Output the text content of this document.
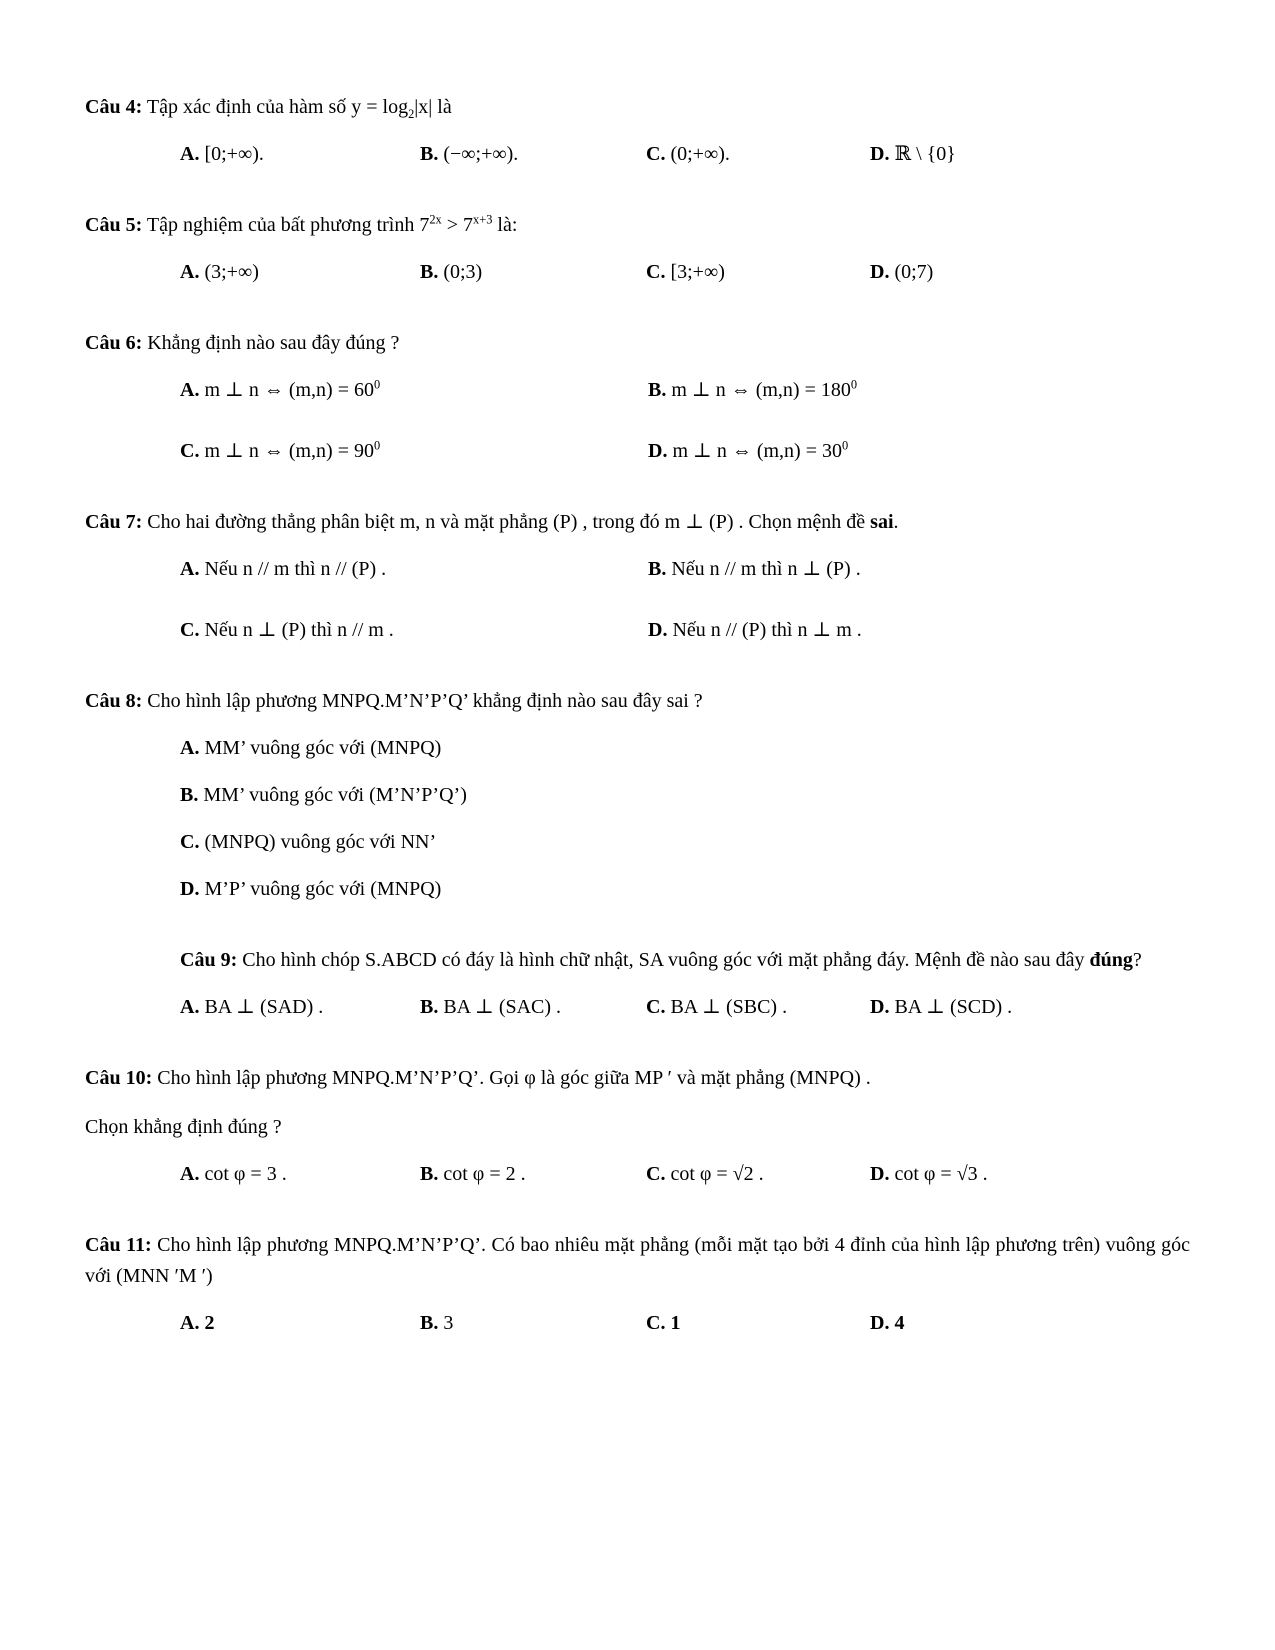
Câu 4: Tập xác định của hàm số $y = \log_2|x|$ là

A. [0;+∞).	B. (−∞;+∞).	C. (0;+∞).	D. ℝ \ {0}

Câu 5: Tập nghiệm của bất phương trình $7^{2x} > 7^{x+3}$ là:

A. (3;+∞)	B. (0;3)	C. [3;+∞)	D. (0;7)

Câu 6: Khẳng định nào sau đây đúng ?

A. m ⊥ n ⇔ $(m,n) = 60^0$	B. m ⊥ n ⇔ $(m,n) = 180^0$
C. m ⊥ n ⇔ $(m,n) = 90^0$	D. m ⊥ n ⇔ $(m,n) = 30^0$

Câu 7: Cho hai đường thẳng phân biệt m, n và mặt phẳng (P) , trong đó m ⊥ (P) . Chọn mệnh đề sai.

A. Nếu n // m thì n // (P) .	B. Nếu n // m thì n ⊥ (P) .
C. Nếu n ⊥ (P) thì n // m .	D. Nếu n // (P) thì n ⊥ m .

Câu 8: Cho hình lập phương MNPQ.M’N’P’Q’ khẳng định nào sau đây sai ?

A. MM’ vuông góc với (MNPQ)
B. MM’ vuông góc với (M’N’P’Q’)
C. (MNPQ) vuông góc với NN’
D. M’P’ vuông góc với (MNPQ)

Câu 9: Cho hình chóp S.ABCD có đáy là hình chữ nhật, SA vuông góc với mặt phẳng đáy. Mệnh đề nào sau đây đúng?

A. BA ⊥ (SAD) .	B. BA ⊥ (SAC) .	C. BA ⊥ (SBC) .	D. BA ⊥ (SCD) .

Câu 10: Cho hình lập phương MNPQ.M’N’P’Q’. Gọi φ là góc giữa MP ′ và mặt phẳng (MNPQ) .

Chọn khẳng định đúng ?

A. cot φ = 3 .	B. cot φ = 2 .	C. cot φ = √2 .	D. cot φ = √3 .

Câu 11: Cho hình lập phương MNPQ.M’N’P’Q’. Có bao nhiêu mặt phẳng (mỗi mặt tạo bởi 4 đỉnh của hình lập phương trên) vuông góc với (MNN ′M ′)

A. 2	B. 3	C. 1	D. 4
